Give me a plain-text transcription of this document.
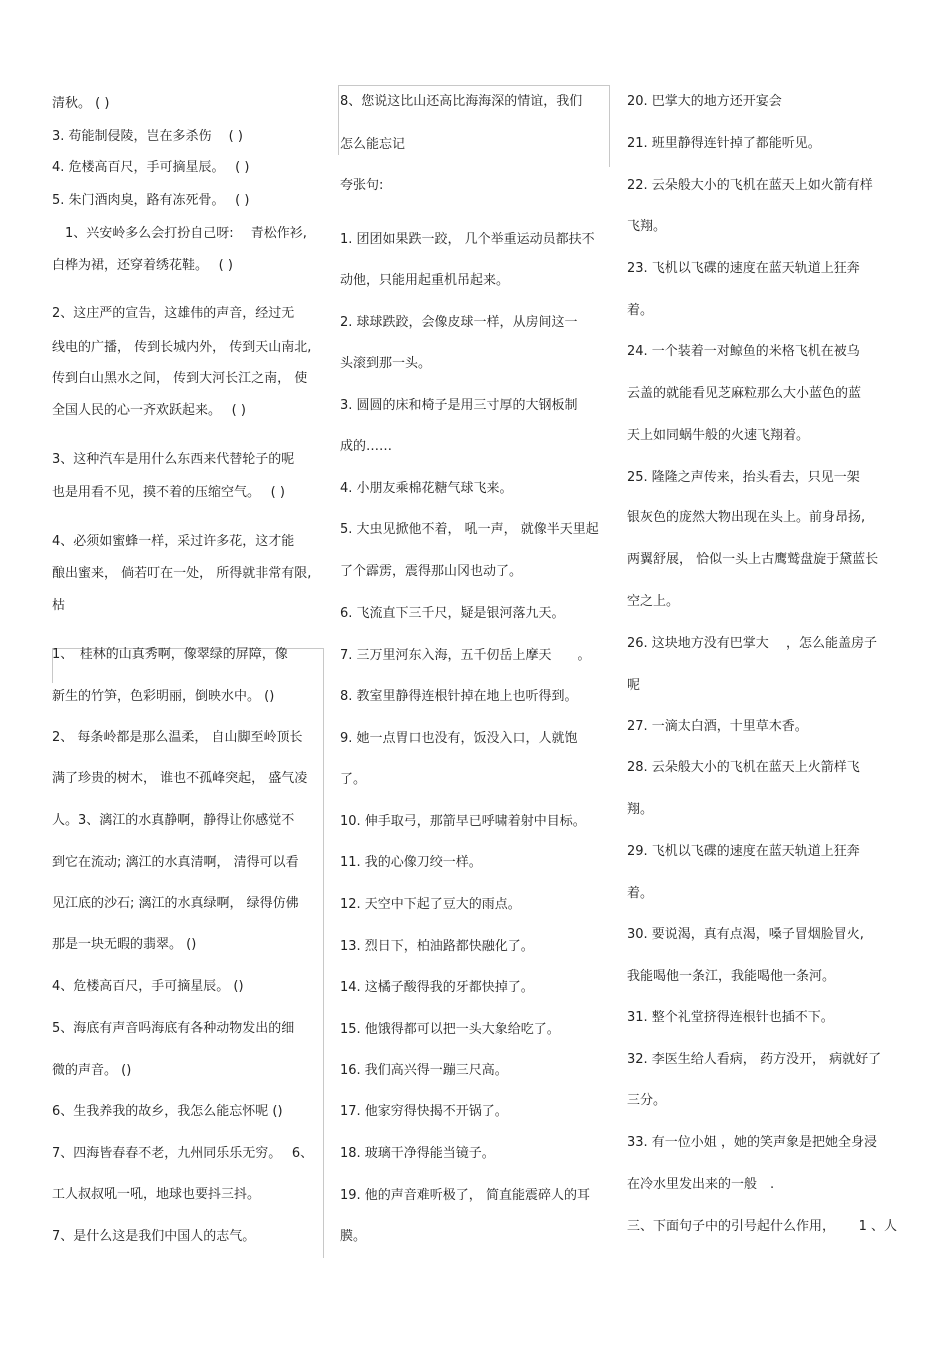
清秋。 ( )
3. 苟能制侵陵，岂在多杀伤　 ( )
4. 危楼高百尺，手可摘星辰。　 ( )
5. 朱门酒肉臭，路有冻死骨。　 ( )
　1、兴安岭多么会打扮自己呀:　 青松作衫,
白桦为裙，还穿着绣花鞋。　 ( )
2、这庄严的宣告，这雄伟的声音，经过无
线电的广播， 传到长城内外， 传到天山南北,
传到白山黑水之间， 传到大河长江之南， 使
全国人民的心一齐欢跃起来。　 ( )
3、这种汽车是用什么东西来代替轮子的呢
也是用看不见，摸不着的压缩空气。　 ( )
4、必须如蜜蜂一样，采过许多花，这才能
酿出蜜来， 倘若叮在一处， 所得就非常有限,
枯
1、　桂林的山真秀啊，像翠绿的屏障，像
新生的竹笋，色彩明丽，倒映水中。 ()
2、 每条岭都是那么温柔， 自山脚至岭顶长
满了珍贵的树木， 谁也不孤峰突起， 盛气凌
人。3、漓江的水真静啊，静得让你感觉不
到它在流动; 漓江的水真清啊， 清得可以看
见江底的沙石; 漓江的水真绿啊， 绿得仿佛
那是一块无暇的翡翠。 ()
4、危楼高百尺，手可摘星辰。 ()
5、海底有声音吗海底有各种动物发出的细
微的声音。 ()
6、生我养我的故乡，我怎么能忘怀呢 ()
7、四海皆春春不老，九州同乐乐无穷。　 6、
工人叔叔吼一吼，地球也要抖三抖。
7、是什么这是我们中国人的志气。
8、您说这比山还高比海海深的情谊，我们
怎么能忘记
夸张句:
1. 团团如果跌一跤， 几个举重运动员都扶不
动他，只能用起重机吊起来。
2. 球球跌跤，会像皮球一样，从房间这一
头滚到那一头。
3. 圆圆的床和椅子是用三寸厚的大钢板制
成的……
4. 小朋友乘棉花糖气球飞来。
5. 大虫见掀他不着， 吼一声， 就像半天里起
了个霹雳，震得那山冈也动了。
6. 飞流直下三千尺，疑是银河落九天。
7. 三万里河东入海，五千仞岳上摩天　　。
8. 教室里静得连根针掉在地上也听得到。
9. 她一点胃口也没有，饭没入口，人就饱
了。
10. 伸手取弓，那箭早已呼啸着射中目标。
11. 我的心像刀绞一样。
12. 天空中下起了豆大的雨点。
13. 烈日下，柏油路都快融化了。
14. 这橘子酸得我的牙都快掉了。
15. 他饿得都可以把一头大象给吃了。
16. 我们高兴得一蹦三尺高。
17. 他家穷得快揭不开锅了。
18. 玻璃干净得能当镜子。
19. 他的声音难听极了， 简直能震碎人的耳
膜。
20. 巴掌大的地方还开宴会
21. 班里静得连针掉了都能听见。
22. 云朵般大小的飞机在蓝天上如火箭有样
飞翔。
23. 飞机以飞碟的速度在蓝天轨道上狂奔
着。
24. 一个装着一对鲸鱼的米格飞机在被乌
云盖的就能看见芝麻粒那么大小蓝色的蓝
天上如同蜗牛般的火速飞翔着。
25. 隆隆之声传来，抬头看去，只见一架
银灰色的庞然大物出现在头上。前身昂扬,
两翼舒展， 恰似一头上古鹰鹫盘旋于黛蓝长
空之上。
26. 这块地方没有巴掌大　 ，怎么能盖房子
呢
27. 一滴太白酒，十里草木香。
28. 云朵般大小的飞机在蓝天上火箭样飞
翔。
29. 飞机以飞碟的速度在蓝天轨道上狂奔
着。
30. 要说渴，真有点渴，嗓子冒烟脸冒火,
我能喝他一条江，我能喝他一条河。
31. 整个礼堂挤得连根针也插不下。
32. 李医生给人看病， 药方没开， 病就好了
三分。
33. 有一位小姐 ，她的笑声象是把她全身浸
在冷水里发出来的一般　.
三、下面句子中的引号起什么作用，　　 1 、人
